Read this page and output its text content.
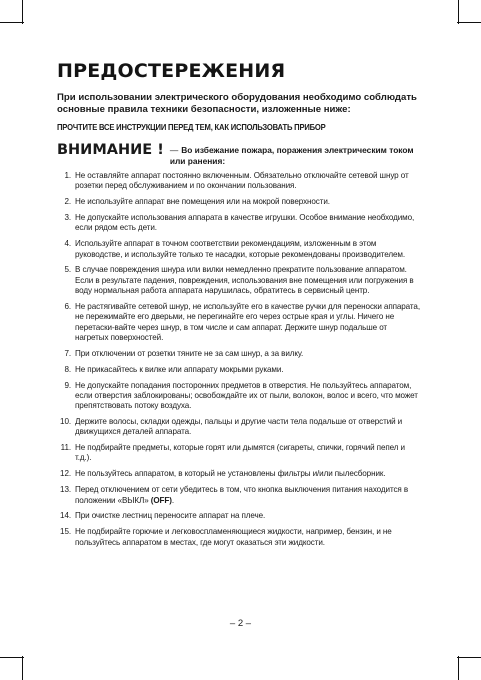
ПРЕДОСТЕРЕЖЕНИЯ

При использовании электрического оборудования необходимо соблюдать основные правила техники безопасности, изложенные ниже:

ПРОЧТИТЕ ВСЕ ИНСТРУКЦИИ ПЕРЕД ТЕМ, КАК ИСПОЛЬЗОВАТЬ ПРИБОР

ВНИМАНИЕ ! — Во избежание пожара, поражения электрическим током или ранения:
1. Не оставляйте аппарат постоянно включенным. Обязательно отключайте сетевой шнур от розетки перед обслуживанием и по окончании пользования.
2. Не используйте аппарат вне помещения или на мокрой поверхности.
3. Не допускайте использования аппарата в качестве игрушки. Особое внимание необходимо, если рядом есть дети.
4. Используйте аппарат в точном соответствии рекомендациям, изложенным в этом руководстве, и используйте только те насадки, которые рекомендованы производителем.
5. В случае повреждения шнура или вилки немедленно прекратите пользование аппаратом. Если в результате падения, повреждения, использования вне помещения или погружения в воду нормальная работа аппарата нарушилась, обратитесь в сервисный центр.
6. Не растягивайте сетевой шнур, не используйте его в качестве ручки для переноски аппарата, не пережимайте его дверьми, не перегинайте его через острые края и углы. Ничего не перетаски-вайте через шнур, в том числе и сам аппарат. Держите шнур подальше от нагретых поверхностей.
7. При отключении от розетки тяните не за сам шнур, а за вилку.
8. Не прикасайтесь к вилке или аппарату мокрыми руками.
9. Не допускайте попадания посторонних предметов в отверстия. Не пользуйтесь аппаратом, если отверстия заблокированы; освобождайте их от пыли, волокон, волос и всего, что может препятствовать потоку воздуха.
10. Держите волосы, складки одежды, пальцы и другие части тела подальше от отверстий и движущихся деталей аппарата.
11. Не подбирайте предметы, которые горят или дымятся (сигареты, спички, горячий пепел и т.д.).
12. Не пользуйтесь аппаратом, в который не установлены фильтры и/или пылесборник.
13. Перед отключением от сети убедитесь в том, что кнопка выключения питания находится в положении «ВЫКЛ» (OFF).
14. При очистке лестниц переносите аппарат на плече.
15. Не подбирайте горючие и легковоспламеняющиеся жидкости, например, бензин, и не пользуйтесь аппаратом в местах, где могут оказаться эти жидкости.
– 2 –
